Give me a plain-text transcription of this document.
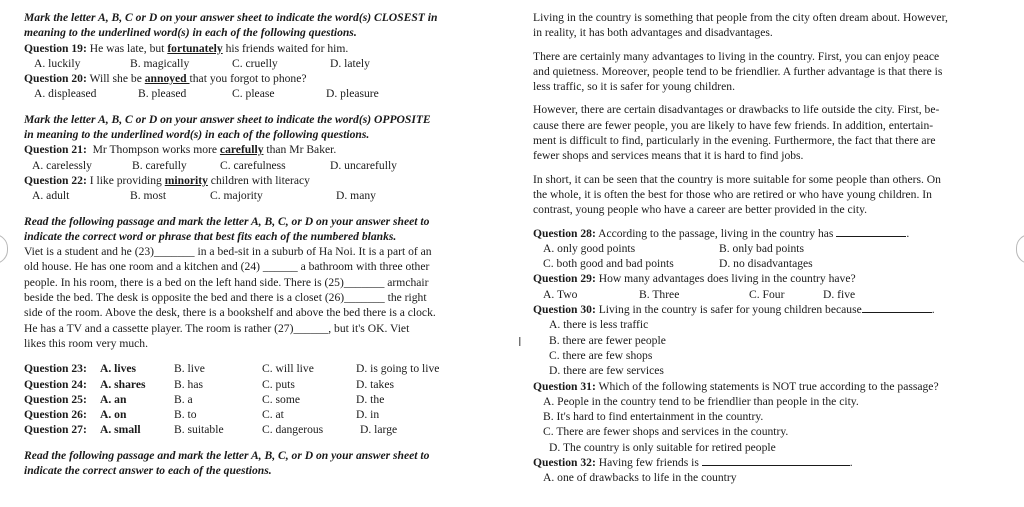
I
Mark the letter A, B, C or D on your answer sheet to indicate the word(s) CLOSEST in
meaning to the underlined word(s) in each of the following questions.
Question 19: He was late, but fortunately his friends waited for him.
A. luckily	B. magically	C. cruelly	D. lately
Question 20: Will she be annoyed that you forgot to phone?
A. displeased	B. pleased	C. please	D. pleasure
Mark the letter A, B, C or D on your answer sheet to indicate the word(s) OPPOSITE
in meaning to the underlined word(s) in each of the following questions.
Question 21:  Mr Thompson works more carefully than Mr Baker.
A. carelessly	B. carefully	C. carefulness	D. uncarefully
Question 22: I like providing minority children with literacy
A. adult	B. most	C. majority	D. many
Read the following passage and mark the letter A, B, C, or D on your answer sheet to
indicate the correct word or phrase that best fits each of the numbered blanks.
Viet is a student and he (23)_______ in a bed-sit in a suburb of Ha Noi. It is a part of an
old house. He has one room and a kitchen and (24) ______ a bathroom with three other
people. In his room, there is a bed on the left hand side. There is (25)_______ armchair
beside the bed. The desk is opposite the bed and there is a closet (26)_______ the right
side of the room. Above the desk, there is a bookshelf and above the bed there is a clock.
He has a TV and a cassette player. The room is rather (27)______, but it's OK. Viet
likes this room very much.
Question 23: A. lives	B. live	C. will live	D. is going to live
Question 24: A. shares B. has	C. puts	D. takes
Question 25: A. an	B. a	C. some	D. the
Question 26: A. on	B. to	C. at	D. in
Question 27: A. small	B. suitable	C. dangerous	D. large
Read the following passage and mark the letter A, B, C, or D on your answer sheet to
indicate the correct answer to each of the questions.
Living in the country is something that people from the city often dream about. However,
in reality, it has both advantages and disadvantages.
There are certainly many advantages to living in the country. First, you can enjoy peace
and quietness. Moreover, people tend to be friendlier. A further advantage is that there is
less traffic, so it is safer for young children.
However, there are certain disadvantages or drawbacks to life outside the city. First, be-
cause there are fewer people, you are likely to have few friends. In addition, entertain-
ment is difficult to find, particularly in the evening. Furthermore, the fact that there are
fewer shops and services means that it is hard to find jobs.
In short, it can be seen that the country is more suitable for some people than others. On
the whole, it is often the best for those who are retired or who have young children. In
contrast, young people who have a career are better provided in the city.
Question 28: According to the passage, living in the country has	.
A. only good points	B. only bad points
C. both good and bad points	D. no disadvantages
Question 29: How many advantages does living in the country have?
A. Two	B. Three	C. Four	D. five
Question 30: Living in the country is safer for young children because	.
A. there is less traffic
B. there are fewer people
C. there are few shops
D. there are few services
Question 31: Which of the following statements is NOT true according to the passage?
A. People in the country tend to be friendlier than people in the city.
B. It's hard to find entertainment in the country.
C. There are fewer shops and services in the country.
D. The country is only suitable for retired people
Question 32: Having few friends is	.
A. one of drawbacks to life in the country
